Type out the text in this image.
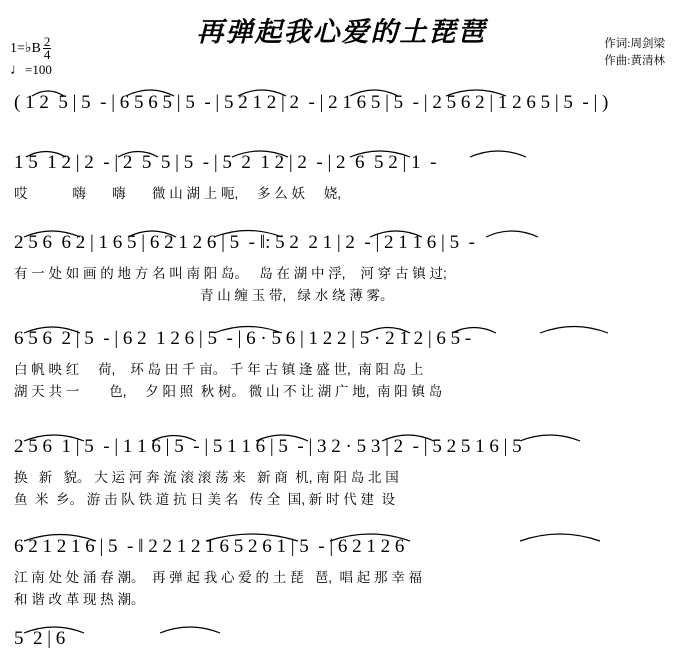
再弹起我心爱的土琵琶	作词:周剑梁
作曲:黄清林
1= ♭ B $\frac{2}{4}$
♩=100
( 1 2  5 | 5  - | 6 5 6 5 | 5  - | 5 2 1 2 | 2  - | 2 1 6 5 | 5  - | 2 5 6 2 | 1 2 6 5 | 5  - | )
1 5  1 2 | 2  - | 2  5  5 | 5  - | 5  2  1 2 | 2  - | 2  6  5 2 | 1  -
哎            嗨       嗨       微 山 湖 上 呃,     多 么 妖     娆,
2 5 6  6 2 | 1 6 5 | 6 2 1 2 6 | 5  - ‖: 5 2  2 1 | 2  - | 2 1 1 6 | 5  -
有 一 处 如 画 的 地 方 名 叫 南 阳 岛。   岛 在 湖 中 浮,    河 穿 古 镇 过;
青 山 缠 玉 带,   绿 水 绕 薄 雾。
6 5 6  2 | 5  - | 6 2  1 2 6 | 5  - | 6 · 5 6 | 1 2 2 | 5 · 2 1 2 | 6 5 -
白 帆 映 红     荷,    环 岛 田 千 亩。 千 年 古 镇 逢 盛 世,  南 阳 岛 上
湖 天 共 一        色,     夕 阳 照  秋 树。 微 山 不 让 湖 广 地,  南 阳 镇 岛
2 5 6  1 | 5  - | 1 1 6 | 5  - | 5 1 1 6 | 5  - | 3 2 · 5 3 | 2  - | 5 2 5 1 6 | 5
换   新   貌。 大 运 河 奔 流 滚 滚 荡 来   新 商  机, 南 阳 岛 北 国
鱼  米  乡。 游 击 队 铁 道 抗 日 美 名   传 全  国, 新 时 代 建  设
6 2 1 2 1 6 | 5  - ‖ 2 2 1 2 1 6 5 2 6 1 | 5  - | 6 2 1 2 6
江 南 处 处 涌 春 潮。  再 弹 起 我 心 爱 的 土 琵   琶,  唱 起 那 幸 福
和 谐 改 革 现 热 潮。
5  2 | 6
